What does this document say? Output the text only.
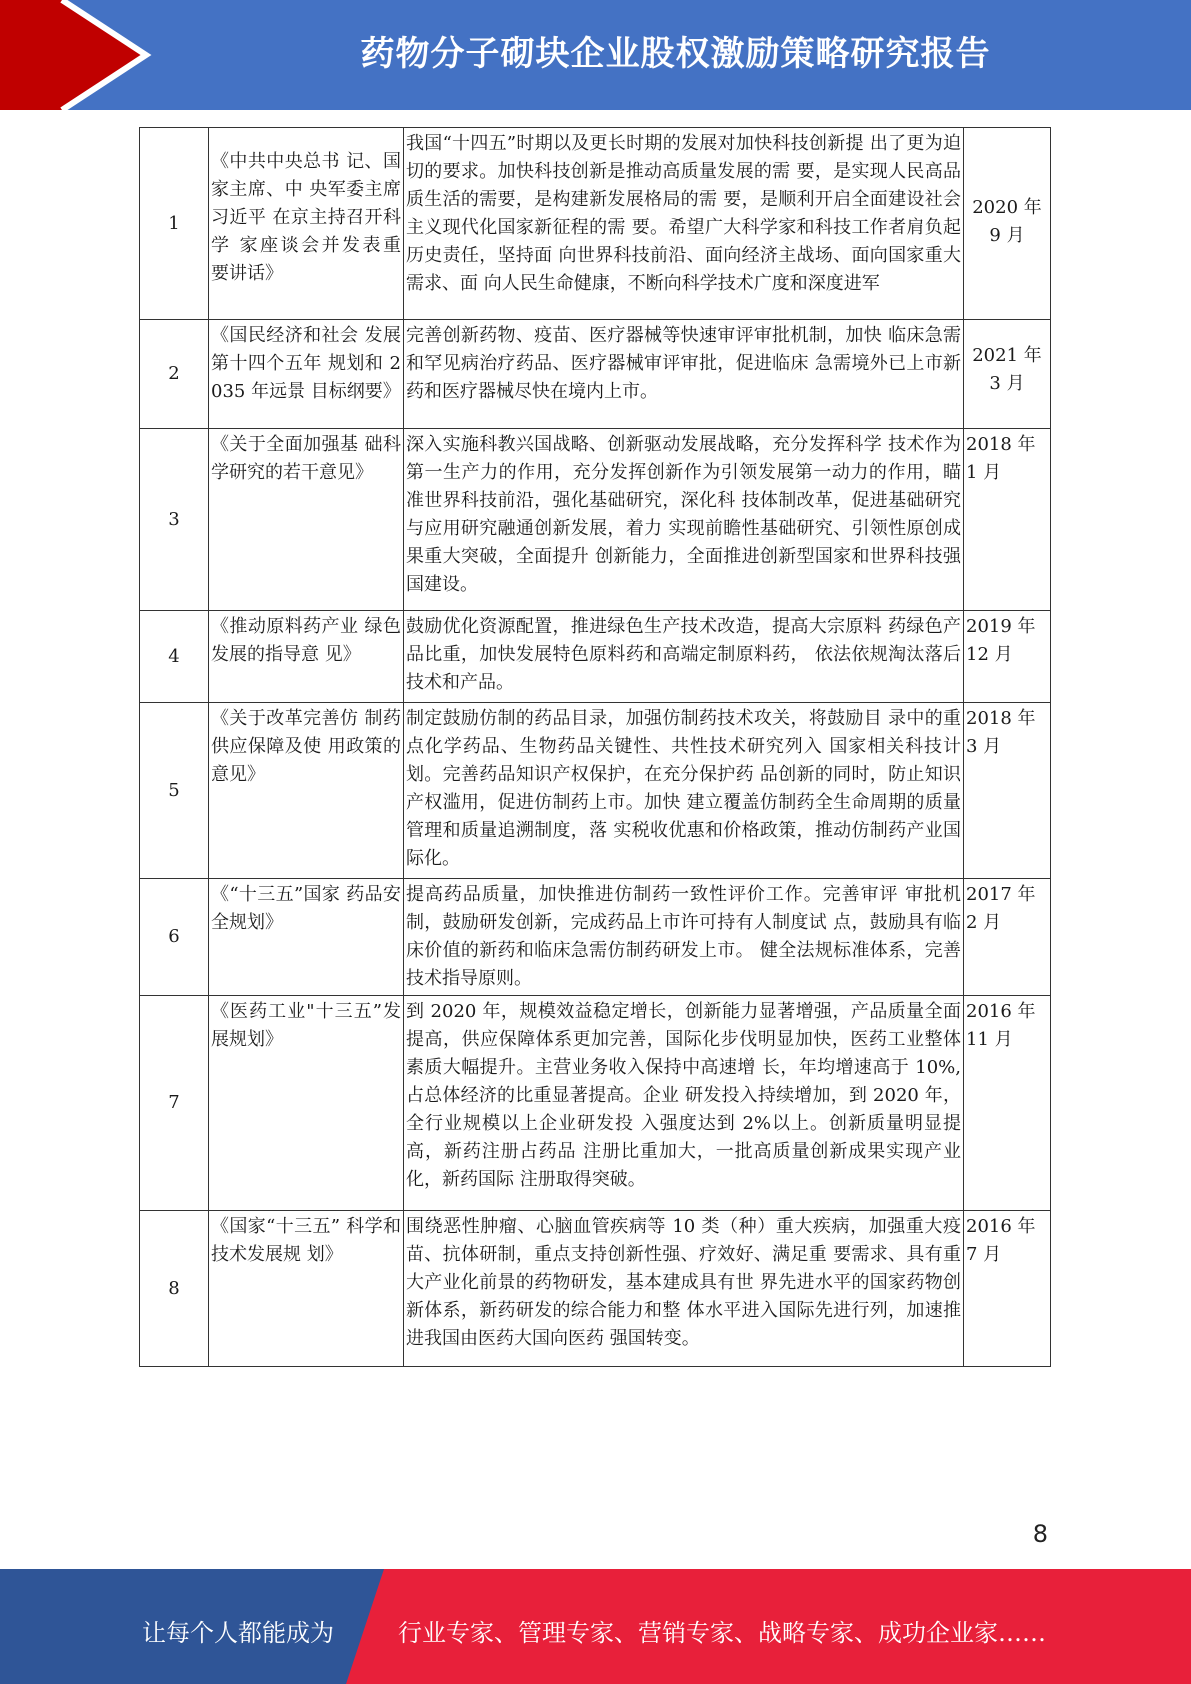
药物分子砌块企业股权激励策略研究报告
1	《中共中央总书 记、国家主席、中 央军委主席习近平 在京主持召开科学 家座谈会并发表重 要讲话》	我国“十四五”时期以及更长时期的发展对加快科技创新提 出了更为迫切的要求。加快科技创新是推动高质量发展的需 要，是实现人民高品质生活的需要，是构建新发展格局的需 要，是顺利开启全面建设社会主义现代化国家新征程的需 要。希望广大科学家和科技工作者肩负起历史责任，坚持面 向世界科技前沿、面向经济主战场、面向国家重大需求、面 向人民生命健康，不断向科学技术广度和深度进军	2020 年 9 月
2	《国民经济和社会 发展第十四个五年 规划和 2035 年远景 目标纲要》	完善创新药物、疫苗、医疗器械等快速审评审批机制，加快 临床急需和罕见病治疗药品、医疗器械审评审批，促进临床 急需境外已上市新药和医疗器械尽快在境内上市。	2021 年 3 月
3	《关于全面加强基 础科学研究的若干意见》	深入实施科教兴国战略、创新驱动发展战略，充分发挥科学 技术作为第一生产力的作用，充分发挥创新作为引领发展第一动力的作用，瞄准世界科技前沿，强化基础研究，深化科 技体制改革，促进基础研究与应用研究融通创新发展，着力 实现前瞻性基础研究、引领性原创成果重大突破，全面提升 创新能力，全面推进创新型国家和世界科技强国建设。	2018 年 1 月
4	《推动原料药产业 绿色发展的指导意 见》	鼓励优化资源配置，推进绿色生产技术改造，提高大宗原料 药绿色产品比重，加快发展特色原料药和高端定制原料药， 依法依规淘汰落后技术和产品。	2019 年 12 月
5	《关于改革完善仿 制药供应保障及使 用政策的意见》	制定鼓励仿制的药品目录，加强仿制药技术攻关，将鼓励目 录中的重点化学药品、生物药品关键性、共性技术研究列入 国家相关科技计划。完善药品知识产权保护，在充分保护药 品创新的同时，防止知识产权滥用，促进仿制药上市。加快 建立覆盖仿制药全生命周期的质量管理和质量追溯制度，落 实税收优惠和价格政策，推动仿制药产业国际化。	2018 年 3 月
6	《“十三五”国家 药品安全规划》	提高药品质量，加快推进仿制药一致性评价工作。完善审评 审批机制，鼓励研发创新，完成药品上市许可持有人制度试 点，鼓励具有临床价值的新药和临床急需仿制药研发上市。 健全法规标准体系，完善技术指导原则。	2017 年 2 月
7	《医药工业"十三五”发展规划》	到 2020 年，规模效益稳定增长，创新能力显著增强，产品质量全面提高，供应保障体系更加完善，国际化步伐明显加快，医药工业整体素质大幅提升。主营业务收入保持中高速增 长，年均增速高于 10%, 占总体经济的比重显著提高。企业 研发投入持续增加，到 2020 年，全行业规模以上企业研发投 入强度达到 2%以上。创新质量明显提高，新药注册占药品 注册比重加大，一批高质量创新成果实现产业化，新药国际 注册取得突破。	2016 年 11 月
8	《国家“十三五” 科学和技术发展规 划》	围绕恶性肿瘤、心脑血管疾病等 10 类（种）重大疾病，加强重大疫苗、抗体研制，重点支持创新性强、疗效好、满足重 要需求、具有重大产业化前景的药物研发，基本建成具有世 界先进水平的国家药物创新体系，新药研发的综合能力和整 体水平进入国际先进行列，加速推进我国由医药大国向医药 强国转变。	2016 年 7 月
8
让每个人都能成为	行业专家、管理专家、营销专家、战略专家、成功企业家……
